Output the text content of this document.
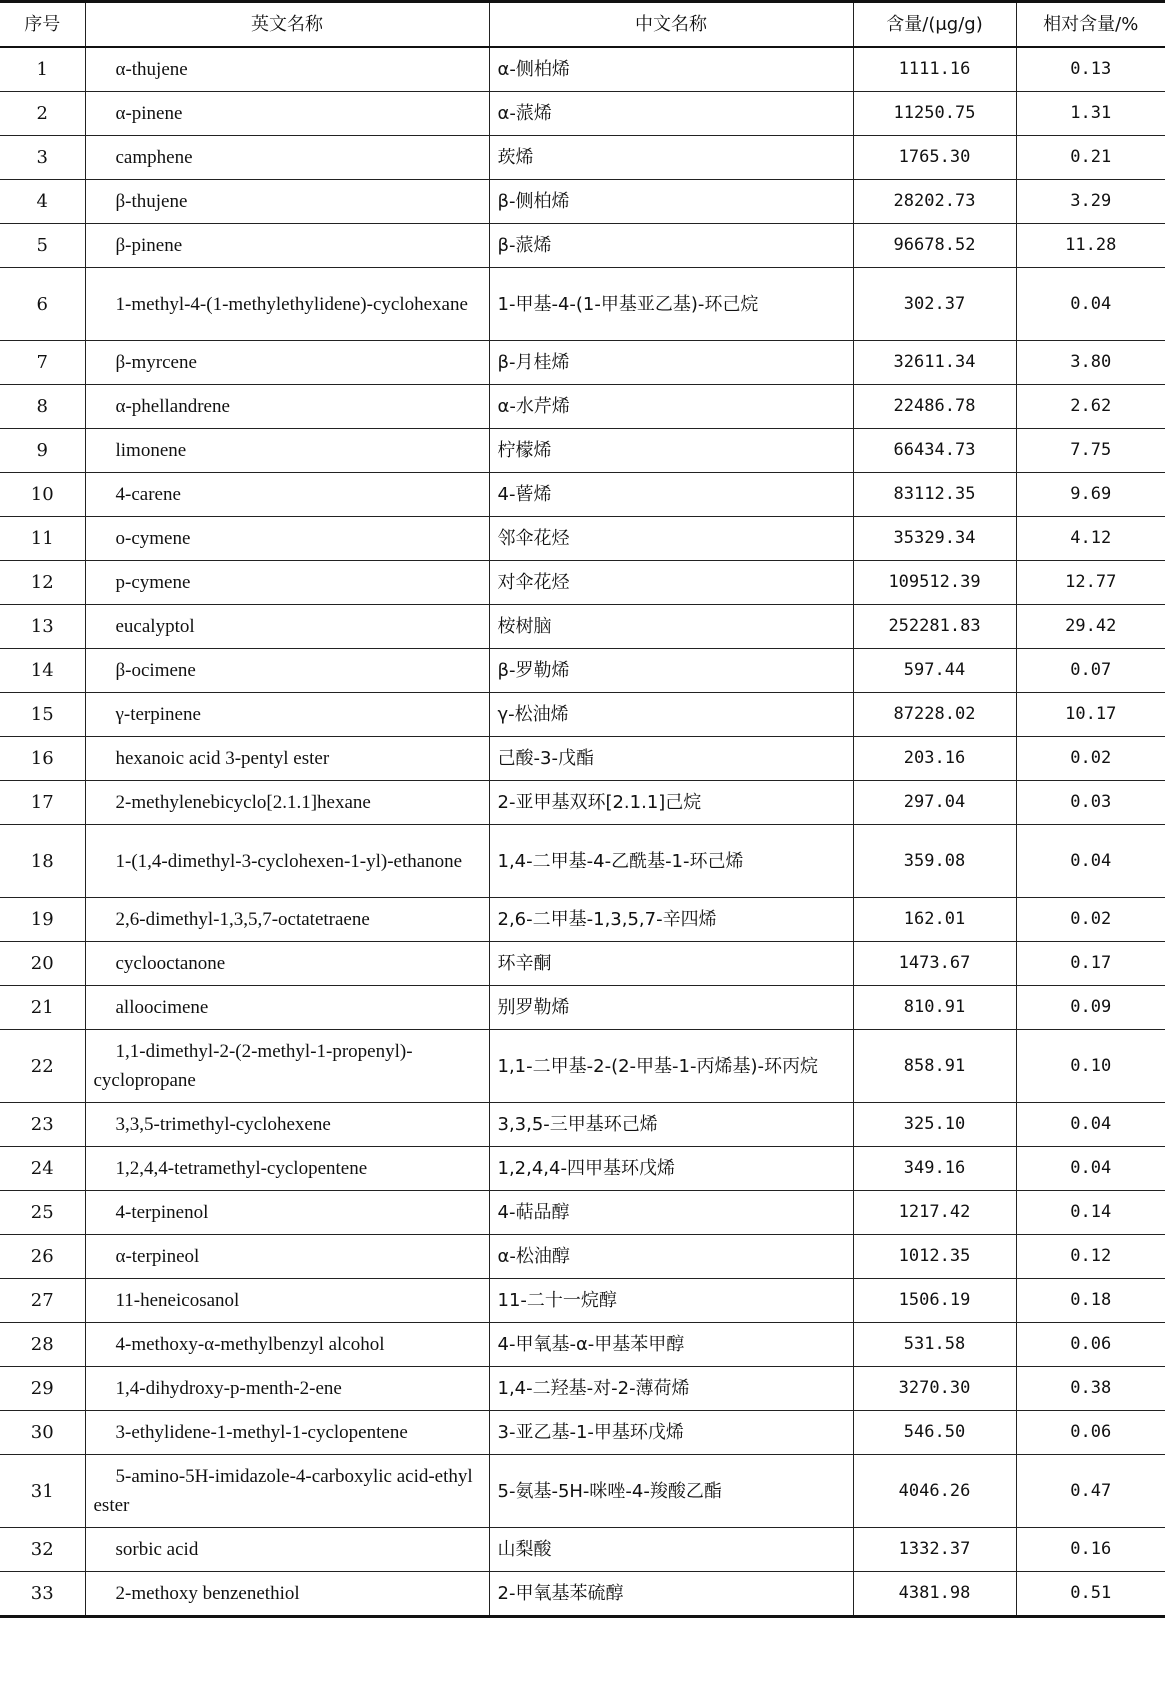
序号	英文名称	中文名称	含量/(μg/g)	相对含量/%
1	α-thujene	α-侧柏烯	1111.16	0.13
2	α-pinene	α-蒎烯	11250.75	1.31
3	camphene	莰烯	1765.30	0.21
4	β-thujene	β-侧柏烯	28202.73	3.29
5	β-pinene	β-蒎烯	96678.52	11.28
6	1-methyl-4-(1-methylethylidene)-cyclohexane	1-甲基-4-(1-甲基亚乙基)-环己烷	302.37	0.04
7	β-myrcene	β-月桂烯	32611.34	3.80
8	α-phellandrene	α-水芹烯	22486.78	2.62
9	limonene	柠檬烯	66434.73	7.75
10	4-carene	4-蒈烯	83112.35	9.69
11	o-cymene	邻伞花烃	35329.34	4.12
12	p-cymene	对伞花烃	109512.39	12.77
13	eucalyptol	桉树脑	252281.83	29.42
14	β-ocimene	β-罗勒烯	597.44	0.07
15	γ-terpinene	γ-松油烯	87228.02	10.17
16	hexanoic acid 3-pentyl ester	己酸-3-戊酯	203.16	0.02
17	2-methylenebicyclo[2.1.1]hexane	2-亚甲基双环[2.1.1]己烷	297.04	0.03
18	1-(1,4-dimethyl-3-cyclohexen-1-yl)-ethanone	1,4-二甲基-4-乙酰基-1-环己烯	359.08	0.04
19	2,6-dimethyl-1,3,5,7-octatetraene	2,6-二甲基-1,3,5,7-辛四烯	162.01	0.02
20	cyclooctanone	环辛酮	1473.67	0.17
21	alloocimene	别罗勒烯	810.91	0.09
22	1,1-dimethyl-2-(2-methyl-1-propenyl)-cyclopropane	1,1-二甲基-2-(2-甲基-1-丙烯基)-环丙烷	858.91	0.10
23	3,3,5-trimethyl-cyclohexene	3,3,5-三甲基环己烯	325.10	0.04
24	1,2,4,4-tetramethyl-cyclopentene	1,2,4,4-四甲基环戊烯	349.16	0.04
25	4-terpinenol	4-萜品醇	1217.42	0.14
26	α-terpineol	α-松油醇	1012.35	0.12
27	11-heneicosanol	11-二十一烷醇	1506.19	0.18
28	4-methoxy-α-methylbenzyl alcohol	4-甲氧基-α-甲基苯甲醇	531.58	0.06
29	1,4-dihydroxy-p-menth-2-ene	1,4-二羟基-对-2-薄荷烯	3270.30	0.38
30	3-ethylidene-1-methyl-1-cyclopentene	3-亚乙基-1-甲基环戊烯	546.50	0.06
31	5-amino-5H-imidazole-4-carboxylic acid-ethyl ester	5-氨基-5H-咪唑-4-羧酸乙酯	4046.26	0.47
32	sorbic acid	山梨酸	1332.37	0.16
33	2-methoxy benzenethiol	2-甲氧基苯硫醇	4381.98	0.51
